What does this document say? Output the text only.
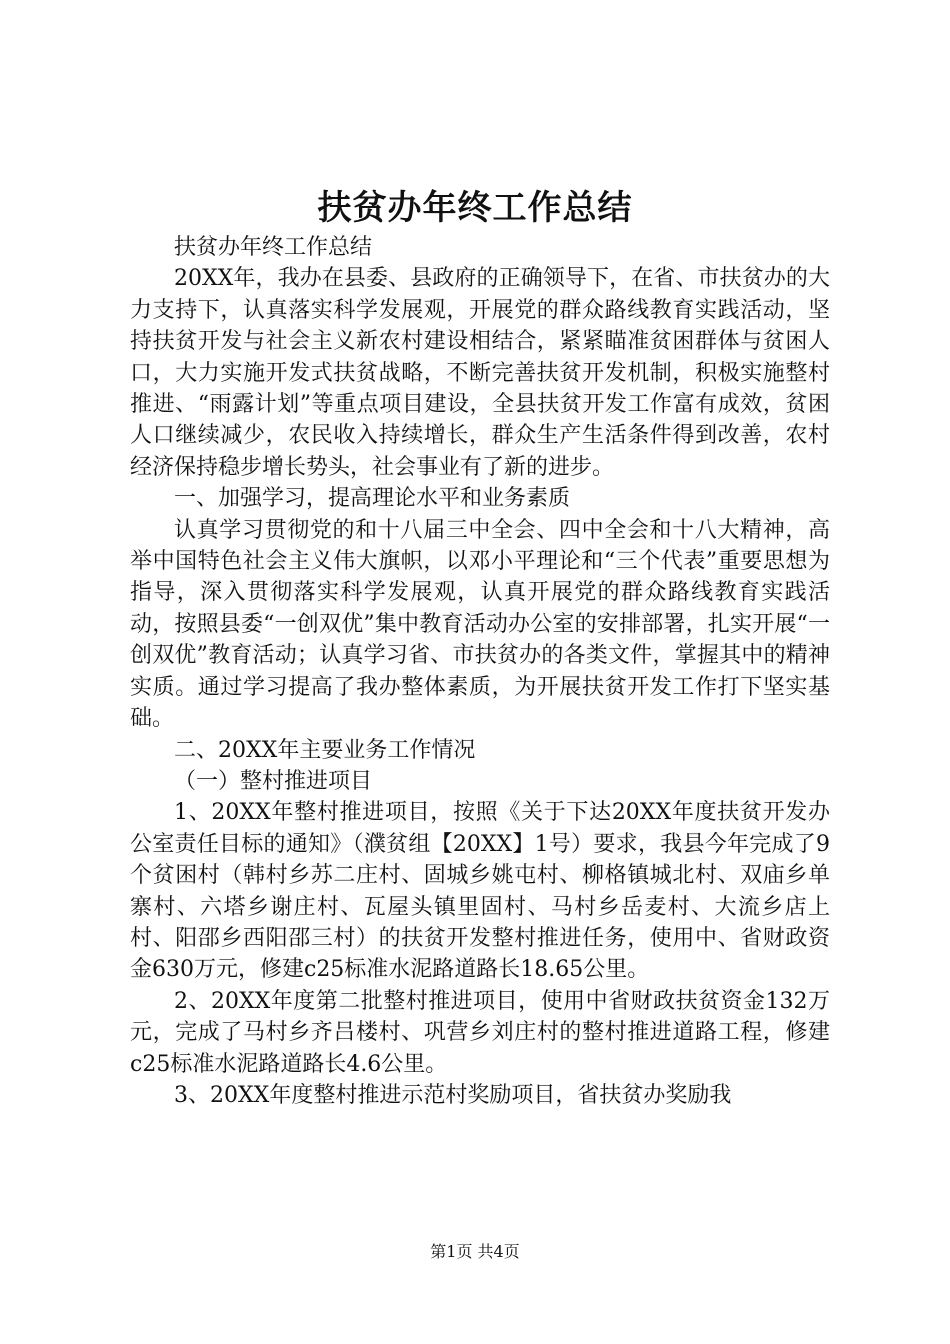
扶贫办年终工作总结

扶贫办年终工作总结

20XX年，我办在县委、县政府的正确领导下，在省、市扶贫办的大力支持下，认真落实科学发展观，开展党的群众路线教育实践活动，坚持扶贫开发与社会主义新农村建设相结合，紧紧瞄准贫困群体与贫困人口，大力实施开发式扶贫战略，不断完善扶贫开发机制，积极实施整村推进、“雨露计划”等重点项目建设，全县扶贫开发工作富有成效，贫困人口继续减少，农民收入持续增长，群众生产生活条件得到改善，农村经济保持稳步增长势头，社会事业有了新的进步。

一、加强学习，提高理论水平和业务素质

认真学习贯彻党的和十八届三中全会、四中全会和十八大精神，高举中国特色社会主义伟大旗帜，以邓小平理论和“三个代表”重要思想为指导，深入贯彻落实科学发展观，认真开展党的群众路线教育实践活动，按照县委“一创双优”集中教育活动办公室的安排部署，扎实开展“一创双优”教育活动；认真学习省、市扶贫办的各类文件，掌握其中的精神实质。通过学习提高了我办整体素质，为开展扶贫开发工作打下坚实基础。

二、20XX年主要业务工作情况

（一）整村推进项目

1、20XX年整村推进项目，按照《关于下达20XX年度扶贫开发办公室责任目标的通知》（濮贫组【20XX】1号）要求，我县今年完成了9个贫困村（韩村乡苏二庄村、固城乡姚屯村、柳格镇城北村、双庙乡单寨村、六塔乡谢庄村、瓦屋头镇里固村、马村乡岳麦村、大流乡店上村、阳邵乡西阳邵三村）的扶贫开发整村推进任务，使用中、省财政资金630万元，修建c25标准水泥路道路长18.65公里。

2、20XX年度第二批整村推进项目，使用中省财政扶贫资金132万元，完成了马村乡齐吕楼村、巩营乡刘庄村的整村推进道路工程，修建c25标准水泥路道路长4.6公里。

3、20XX年度整村推进示范村奖励项目，省扶贫办奖励我

第1页 共4页
